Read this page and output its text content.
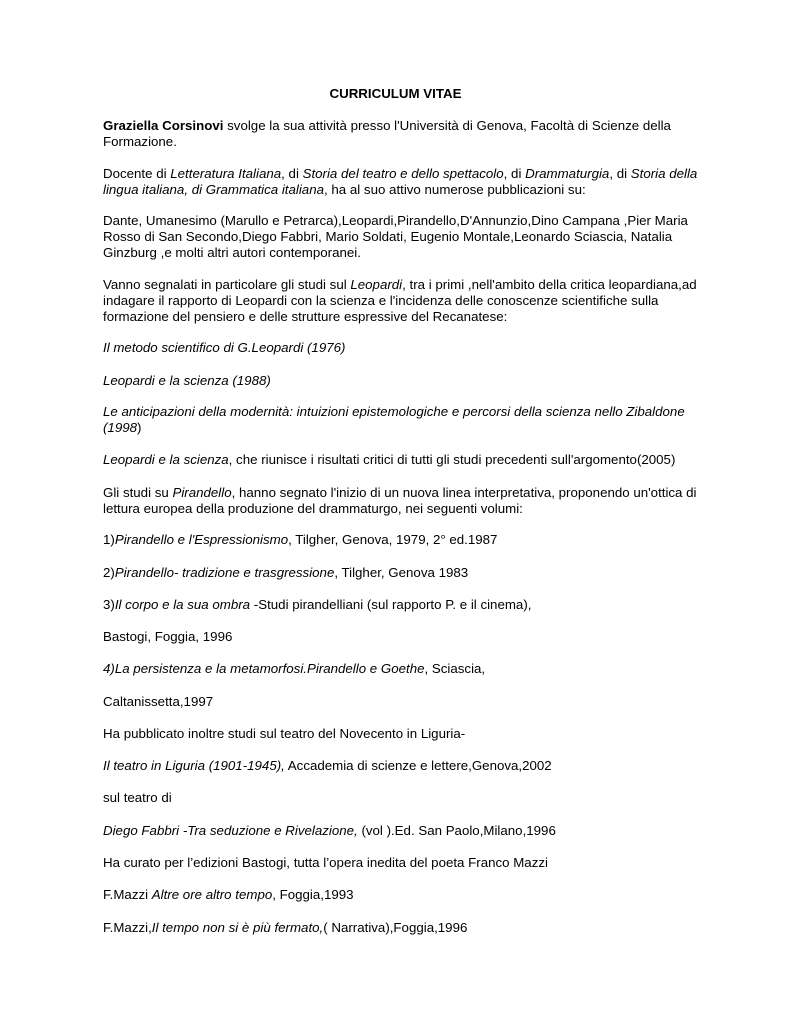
CURRICULUM VITAE

Graziella Corsinovi svolge la sua attività presso l'Università di Genova, Facoltà di Scienze della Formazione.

Docente di Letteratura Italiana, di Storia del teatro e dello spettacolo, di Drammaturgia, di Storia della lingua italiana, di Grammatica italiana, ha al suo attivo numerose pubblicazioni su:

Dante, Umanesimo (Marullo e Petrarca),Leopardi,Pirandello,D'Annunzio,Dino Campana ,Pier Maria Rosso di San Secondo,Diego Fabbri, Mario Soldati, Eugenio Montale,Leonardo Sciascia, Natalia Ginzburg ,e molti altri autori contemporanei.

Vanno segnalati in particolare gli studi sul Leopardi, tra i primi ,nell'ambito della critica leopardiana,ad indagare il rapporto di Leopardi con la scienza e l'incidenza delle conoscenze scientifiche sulla formazione del pensiero e delle strutture espressive del Recanatese:

Il metodo scientifico di G.Leopardi (1976)

Leopardi e la scienza (1988)

Le anticipazioni della modernità: intuizioni epistemologiche e percorsi della scienza nello Zibaldone (1998)

Leopardi e la scienza, che riunisce i risultati critici di tutti gli studi precedenti sull'argomento(2005)

Gli studi su Pirandello, hanno segnato l'inizio di un nuova linea interpretativa, proponendo un'ottica di lettura europea della produzione del drammaturgo, nei seguenti volumi:

1)Pirandello e l'Espressionismo, Tilgher, Genova, 1979, 2° ed.1987

2)Pirandello- tradizione e trasgressione, Tilgher, Genova 1983

3)Il corpo e la sua ombra -Studi pirandelliani (sul rapporto P. e il cinema),

Bastogi, Foggia, 1996

4)La persistenza e la metamorfosi.Pirandello e Goethe, Sciascia,

Caltanissetta,1997

Ha pubblicato inoltre studi sul teatro del Novecento in Liguria-

Il teatro in Liguria (1901-1945), Accademia di scienze e lettere,Genova,2002

sul teatro di

Diego Fabbri -Tra seduzione e Rivelazione, (vol ).Ed. San Paolo,Milano,1996

Ha curato per l’edizioni Bastogi, tutta l’opera inedita del poeta Franco Mazzi

F.Mazzi Altre ore altro tempo, Foggia,1993

F.Mazzi,Il tempo non si è più fermato,( Narrativa),Foggia,1996
